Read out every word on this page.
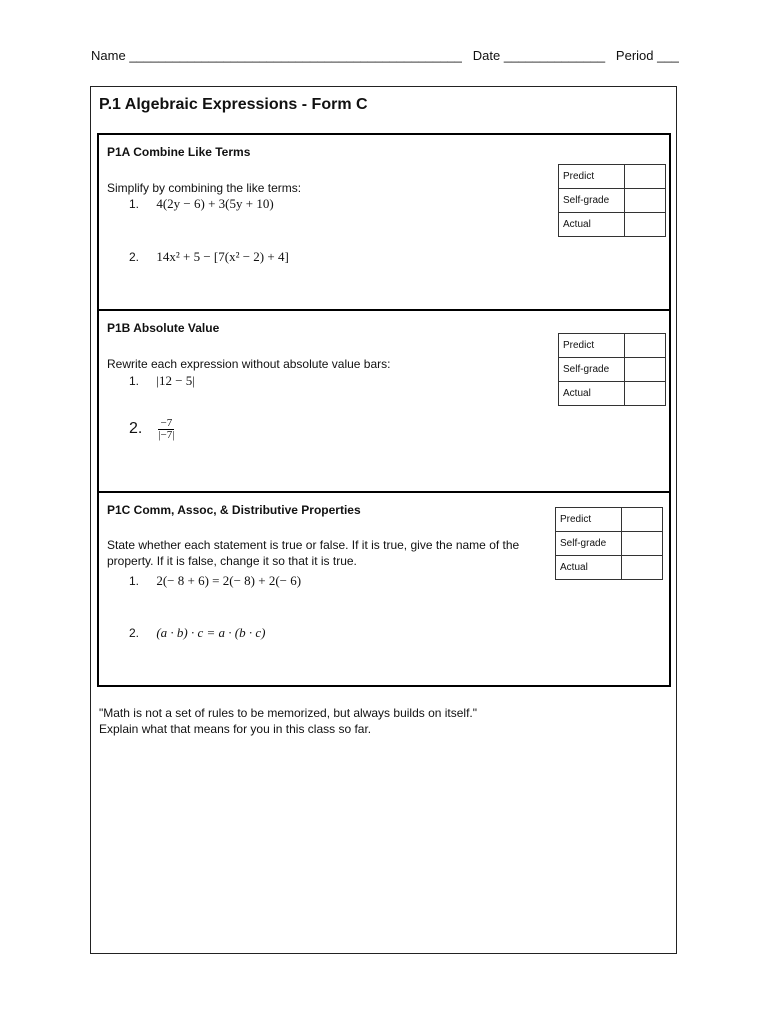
Name ______________________________________________ Date ______________ Period ___
P.1 Algebraic Expressions - Form C
P1A Combine Like Terms
Simplify by combining the like terms:
1. 4(2y − 6) + 3(5y + 10)
2. 14x² + 5 − [7(x² − 2) + 4]
Predict	
Self-grade	
Actual	
P1B Absolute Value
Rewrite each expression without absolute value bars:
1. |12 − 5|
2. $\frac{-7}{|-7|}$
Predict	
Self-grade	
Actual	
P1C Comm, Assoc, & Distributive Properties
State whether each statement is true or false. If it is true, give the name of the property. If it is false, change it so that it is true.
1. 2(− 8 + 6) = 2(− 8) + 2(− 6)
2. (a · b) · c = a · (b · c)
Predict	
Self-grade	
Actual	
"Math is not a set of rules to be memorized, but always builds on itself."
Explain what that means for you in this class so far.
